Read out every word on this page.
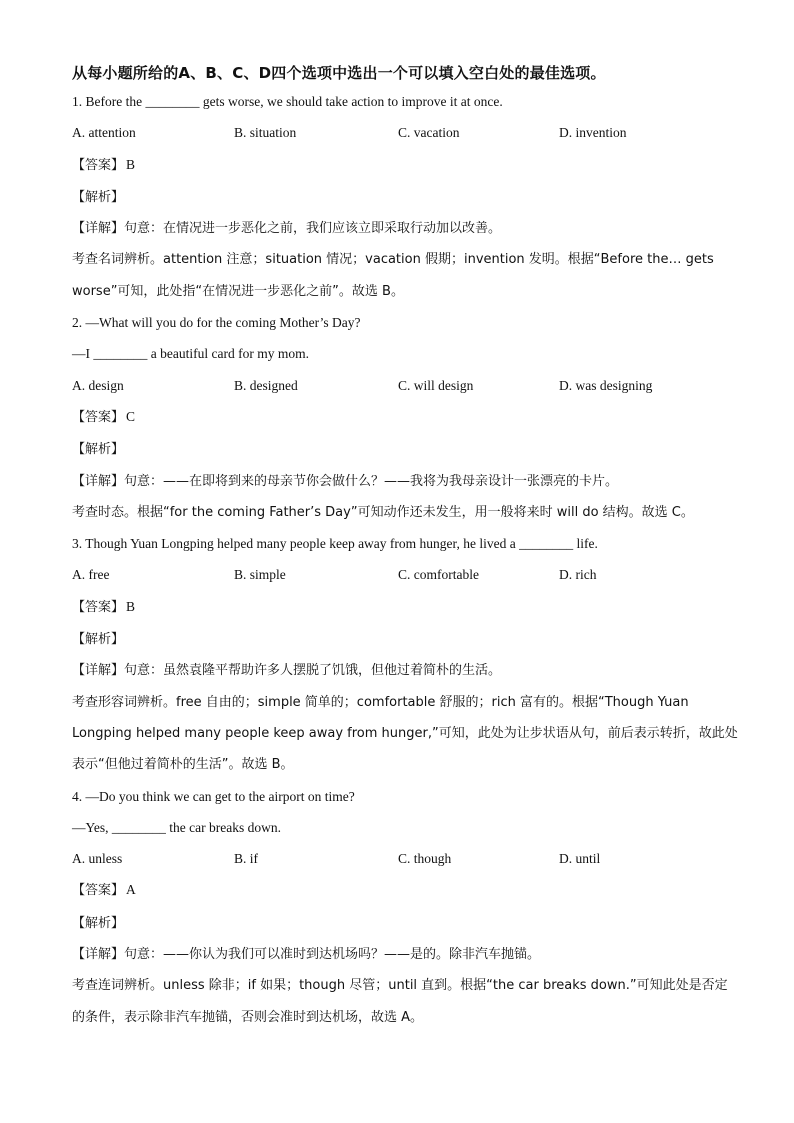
从每小题所给的A、B、C、D四个选项中选出一个可以填入空白处的最佳选项。
1. Before the ________ gets worse, we should take action to improve it at once.
A. attention	B. situation	C. vacation	D. invention
【答案】 B
【解析】
【详解】句意：在情况进一步恶化之前，我们应该立即采取行动加以改善。
考查名词辨析。attention 注意；situation 情况；vacation 假期；invention 发明。根据“Before the… gets
worse”可知，此处指“在情况进一步恶化之前”。故选 B。
2. —What will you do for the coming Mother’s Day?
—I ________ a beautiful card for my mom.
A. design	B. designed	C. will design	D. was designing
【答案】 C
【解析】
【详解】句意：——在即将到来的母亲节你会做什么？——我将为我母亲设计一张漂亮的卡片。
考查时态。根据“for the coming Father’s Day”可知动作还未发生，用一般将来时 will do 结构。故选 C。
3. Though Yuan Longping helped many people keep away from hunger, he lived a ________ life.
A. free	B. simple	C. comfortable	D. rich
【答案】 B
【解析】
【详解】句意：虽然袁隆平帮助许多人摆脱了饥饿，但他过着简朴的生活。
考查形容词辨析。free 自由的；simple 简单的；comfortable 舒服的；rich 富有的。根据“Though Yuan
Longping helped many people keep away from hunger,”可知，此处为让步状语从句，前后表示转折，故此处
表示“但他过着简朴的生活”。故选 B。
4. —Do you think we can get to the airport on time?
—Yes, ________ the car breaks down.
A. unless	B. if	C. though	D. until
【答案】 A
【解析】
【详解】句意：——你认为我们可以准时到达机场吗？——是的。除非汽车抛锚。
考查连词辨析。unless 除非；if 如果；though 尽管；until 直到。根据“the car breaks down.”可知此处是否定
的条件，表示除非汽车抛锚，否则会准时到达机场，故选 A。
